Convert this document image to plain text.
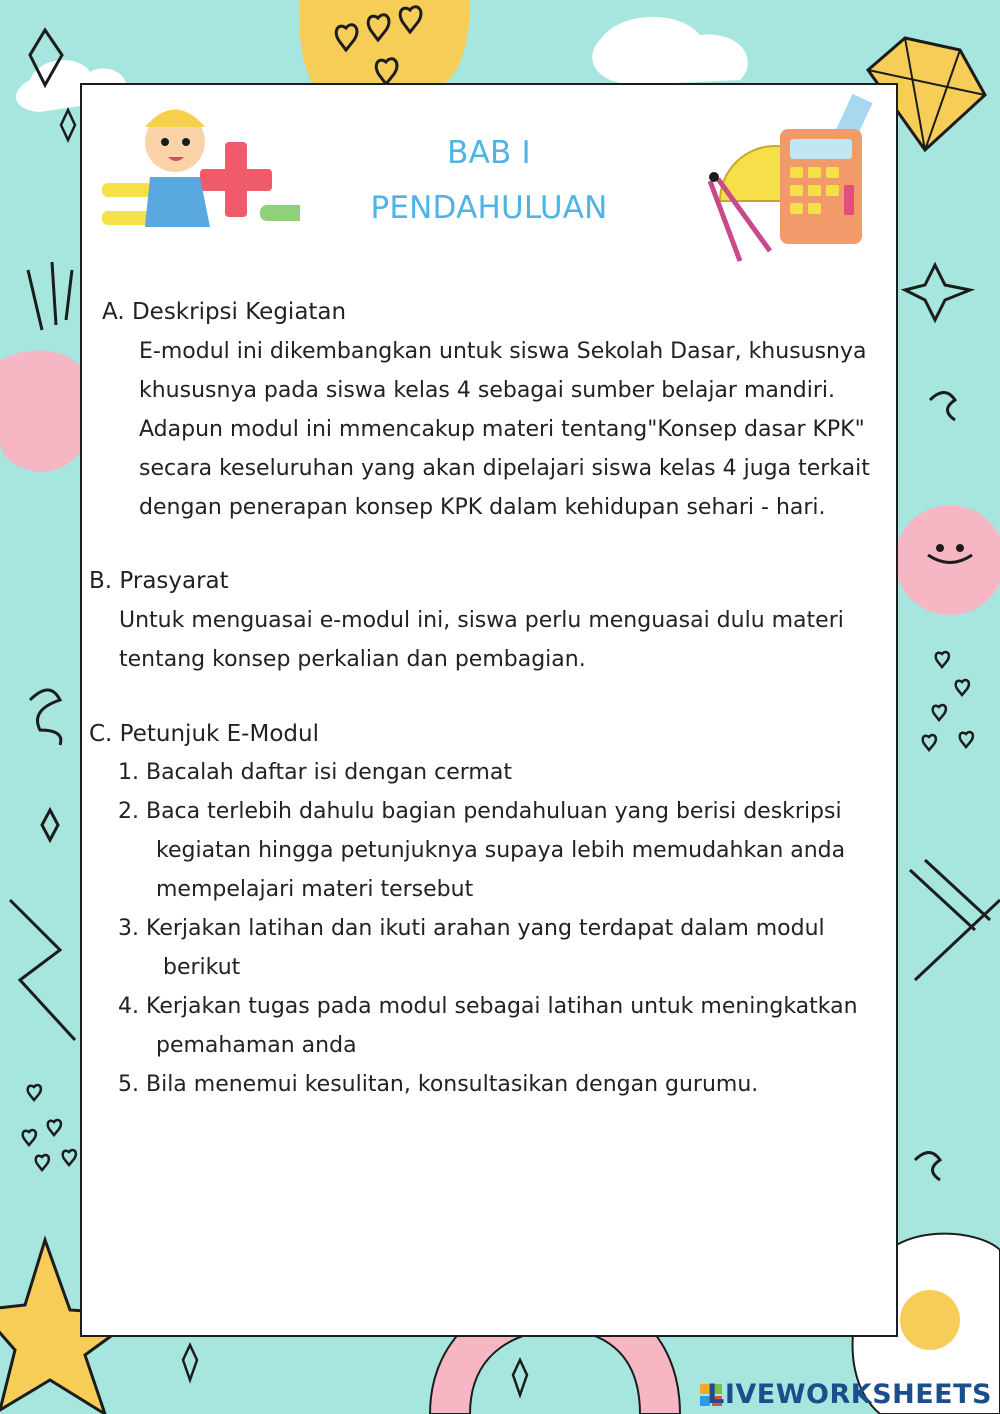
BAB I
PENDAHULUAN
A. Deskripsi Kegiatan

E-modul ini dikembangkan untuk siswa Sekolah Dasar, khususnya

khususnya pada siswa kelas 4 sebagai sumber belajar mandiri.

Adapun modul ini mmencakup materi tentang"Konsep dasar KPK"

secara keseluruhan yang akan dipelajari siswa kelas 4 juga terkait

dengan penerapan konsep KPK dalam kehidupan sehari - hari.

B. Prasyarat

Untuk menguasai e-modul ini, siswa perlu menguasai dulu materi

tentang konsep perkalian dan pembagian.

C. Petunjuk E-Modul

1. Bacalah daftar isi dengan cermat

2. Baca terlebih dahulu bagian pendahuluan yang berisi deskripsi

kegiatan hingga petunjuknya supaya lebih memudahkan anda

mempelajari materi tersebut

3. Kerjakan latihan dan ikuti arahan yang terdapat dalam modul

berikut

4. Kerjakan tugas pada modul sebagai latihan untuk meningkatkan

pemahaman anda

5. Bila menemui kesulitan, konsultasikan dengan gurumu.

LIVEWORKSHEETS
